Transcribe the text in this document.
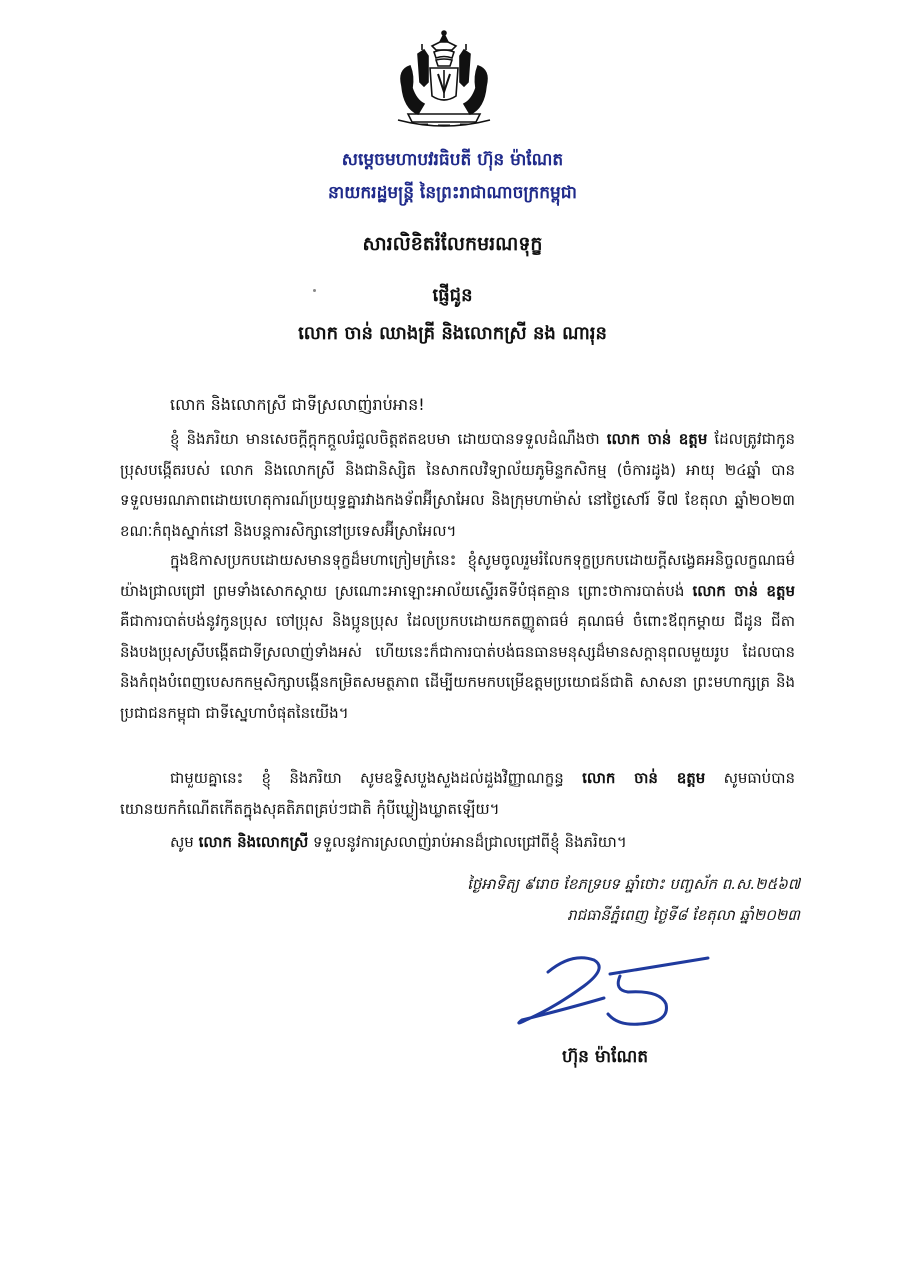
សម្តេចមហាបវរធិបតី ហ៊ុន ម៉ាណែត
នាយករដ្ឋមន្ត្រី នៃព្រះរាជាណាចក្រកម្ពុជា
សារលិខិតរំលែកមរណទុក្ខ
ផ្ញើជូន
លោក ចាន់ ឈាងគ្រី និងលោកស្រី នង ណារុន
លោក និងលោកស្រី ជាទីស្រលាញ់រាប់អាន!

ខ្ញុំ និងភរិយា មានសេចក្តីក្តុកក្តួលរំជួលចិត្តឥតឧបមា ដោយបានទទួលដំណឹងថា លោក ចាន់ ឧត្តម ដែលត្រូវជាកូនប្រុសបង្កើតរបស់ លោក និងលោកស្រី និងជានិស្សិត នៃសាកលវិទ្យាល័យភូមិន្ទកសិកម្ម (ចំការដូង) អាយុ ២៤ឆ្នាំ បានទទួលមរណភាពដោយហេតុការណ៍ប្រយុទ្ធគ្នារវាងកងទ័ពអ៊ីស្រាអែល និងក្រុមហាម៉ាស់ នៅថ្ងៃសៅរ៍ ទី៧ ខែតុលា ឆ្នាំ២០២៣ ខណៈកំពុងស្នាក់នៅ និងបន្តការសិក្សានៅប្រទេសអ៊ីស្រាអែល។

ក្នុងឱកាសប្រកបដោយសមានទុក្ខដ៏មហាក្រៀមក្រំនេះ ខ្ញុំសូមចូលរួមរំលែកទុក្ខប្រកបដោយក្តីសង្វេគអនិច្ចលក្ខណធម៌យ៉ាងជ្រាលជ្រៅ ព្រមទាំងសោកស្តាយ ស្រណោះអាឡោះអាល័យស្ទើរតទីបំផុតគ្មាន ព្រោះថាការបាត់បង់ លោក ចាន់ ឧត្តម គឺជាការបាត់បង់នូវកូនប្រុស ចៅប្រុស និងប្អូនប្រុស ដែលប្រកបដោយកតញ្ញូតាធម៌ គុណធម៌ ចំពោះឪពុកម្តាយ ជីដូន ជីតា និងបងប្រុសស្រីបង្កើតជាទីស្រលាញ់ទាំងអស់ ហើយនេះក៏ជាការបាត់បង់ធនធានមនុស្សដ៏មានសក្តានុពលមួយរូប ដែលបាន និងកំពុងបំពេញបេសកកម្មសិក្សាបង្កើនកម្រិតសមត្ថភាព ដើម្បីយកមកបម្រើឧត្តមប្រយោជន៍ជាតិ សាសនា ព្រះមហាក្សត្រ និងប្រជាជនកម្ពុជា ជាទីស្នេហាបំផុតនៃយើង។

ជាមួយគ្នានេះ ខ្ញុំ និងភរិយា សូមឧទ្ទិសបួងសួងដល់ដួងវិញ្ញាណក្ខន្ធ លោក ចាន់ ឧត្តម សូមធាប់បានយោនយកកំណើតកើតក្នុងសុគតិភពគ្រប់ៗជាតិ កុំបីឃ្លៀងឃ្លាតឡើយ។

សូម លោក និងលោកស្រី ទទួលនូវការស្រលាញ់រាប់អានដ៏ជ្រាលជ្រៅពីខ្ញុំ និងភរិយា។

ថ្ងៃអាទិត្យ ៩រោច ខែភទ្របទ ឆ្នាំថោះ បញ្ចស័ក ព.ស.២៥៦៧
រាជធានីភ្នំពេញ ថ្ងៃទី៨ ខែតុលា ឆ្នាំ២០២៣
ហ៊ុន ម៉ាណែត
